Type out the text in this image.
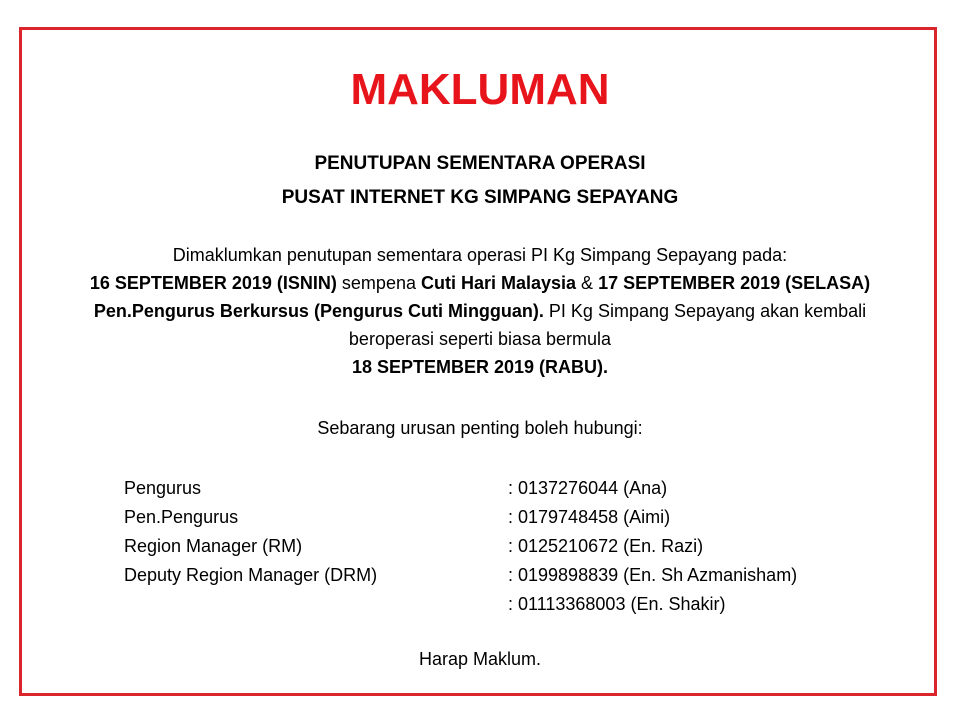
MAKLUMAN
PENUTUPAN SEMENTARA OPERASI
PUSAT INTERNET KG SIMPANG SEPAYANG
Dimaklumkan penutupan sementara operasi PI Kg Simpang Sepayang pada:
16 SEPTEMBER 2019 (ISNIN) sempena Cuti Hari Malaysia & 17 SEPTEMBER 2019 (SELASA)
Pen.Pengurus Berkursus (Pengurus Cuti Mingguan). PI Kg Simpang Sepayang akan kembali
beroperasi seperti biasa bermula
18 SEPTEMBER 2019 (RABU).
Sebarang urusan penting boleh hubungi:
Pengurus	: 0137276044 (Ana)
Pen.Pengurus	: 0179748458 (Aimi)
Region Manager (RM)	: 0125210672 (En. Razi)
Deputy Region Manager (DRM)	: 0199898839 (En. Sh Azmanisham)
: 01113368003 (En. Shakir)
Harap Maklum.
